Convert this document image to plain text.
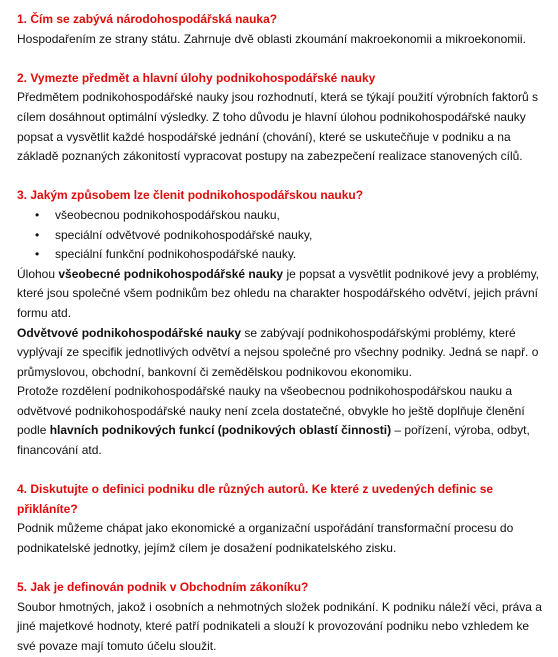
1. Čím se zabývá národohospodářská nauka?

Hospodařením ze strany státu. Zahrnuje dvě oblasti zkoumání makroekonomii a mikroekonomii.

2. Vymezte předmět a hlavní úlohy podnikohospodářské nauky

Předmětem podnikohospodářské nauky jsou rozhodnutí, která se týkají použití výrobních faktorů s cílem dosáhnout optimální výsledky. Z toho důvodu je hlavní úlohou podnikohospodářské nauky popsat a vysvětlit každé hospodářské jednání (chování), které se uskutečňuje v podniku a na základě poznaných zákonitostí vypracovat postupy na zabezpečení realizace stanovených cílů.

3. Jakým způsobem lze členit podnikohospodářskou nauku?

• všeobecnou podnikohospodářskou nauku,
• speciální odvětvové podnikohospodářské nauky,
• speciální funkční podnikohospodářské nauky.

Úlohou všeobecné podnikohospodářské nauky je popsat a vysvětlit podnikové jevy a problémy, které jsou společné všem podnikům bez ohledu na charakter hospodářského odvětví, jejich právní formu atd.

Odvětvové podnikohospodářské nauky se zabývají podnikohospodářskými problémy, které vyplývají ze specifik jednotlivých odvětví a nejsou společné pro všechny podniky. Jedná se např. o průmyslovou, obchodní, bankovní či zemědělskou podnikovou ekonomiku.

Protože rozdělení podnikohospodářské nauky na všeobecnou podnikohospodářskou nauku a odvětvové podnikohospodářské nauky není zcela dostatečné, obvykle ho ještě doplňuje členění podle hlavních podnikových funkcí (podnikových oblastí činnosti) – pořízení, výroba, odbyt, financování atd.

4. Diskutujte o definici podniku dle různých autorů. Ke které z uvedených definic se přikláníte?

Podnik můžeme chápat jako ekonomické a organizační uspořádání transformační procesu do podnikatelské jednotky, jejímž cílem je dosažení podnikatelského zisku.

5. Jak je definován podnik v Obchodním zákoníku?

Soubor hmotných, jakož i osobních a nehmotných složek podnikání. K podniku náleží věci, práva a jiné majetkové hodnoty, které patří podnikateli a slouží k provozování podniku nebo vzhledem ke své povaze mají tomuto účelu sloužit.
